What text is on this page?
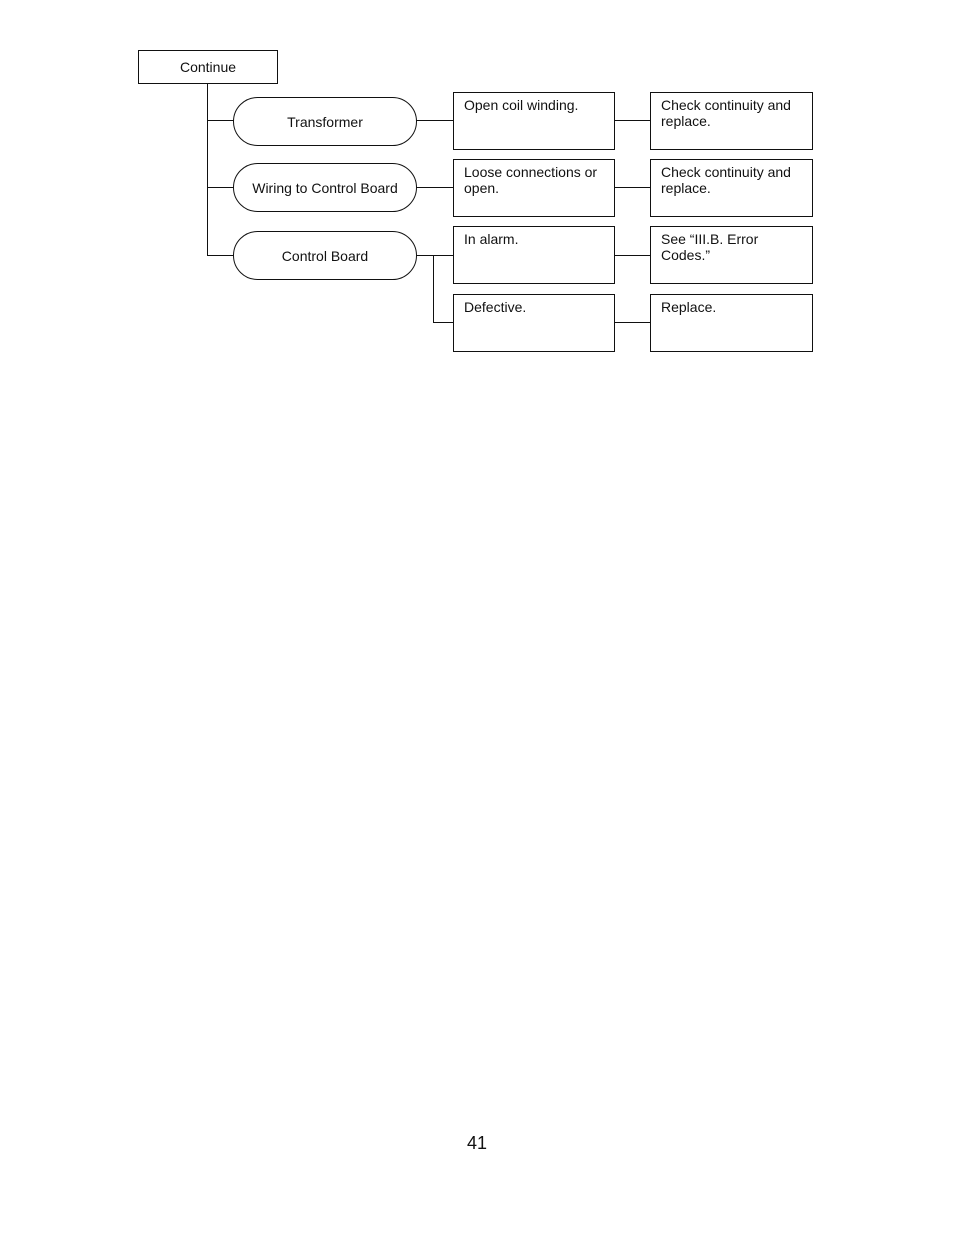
Continue
Transformer
Wiring to Control Board
Control Board
Open coil winding.
Loose connections or open.
In alarm.
Defective.
Check continuity and replace.
Check continuity and replace.
See “III.B. Error Codes.”
Replace.
41
